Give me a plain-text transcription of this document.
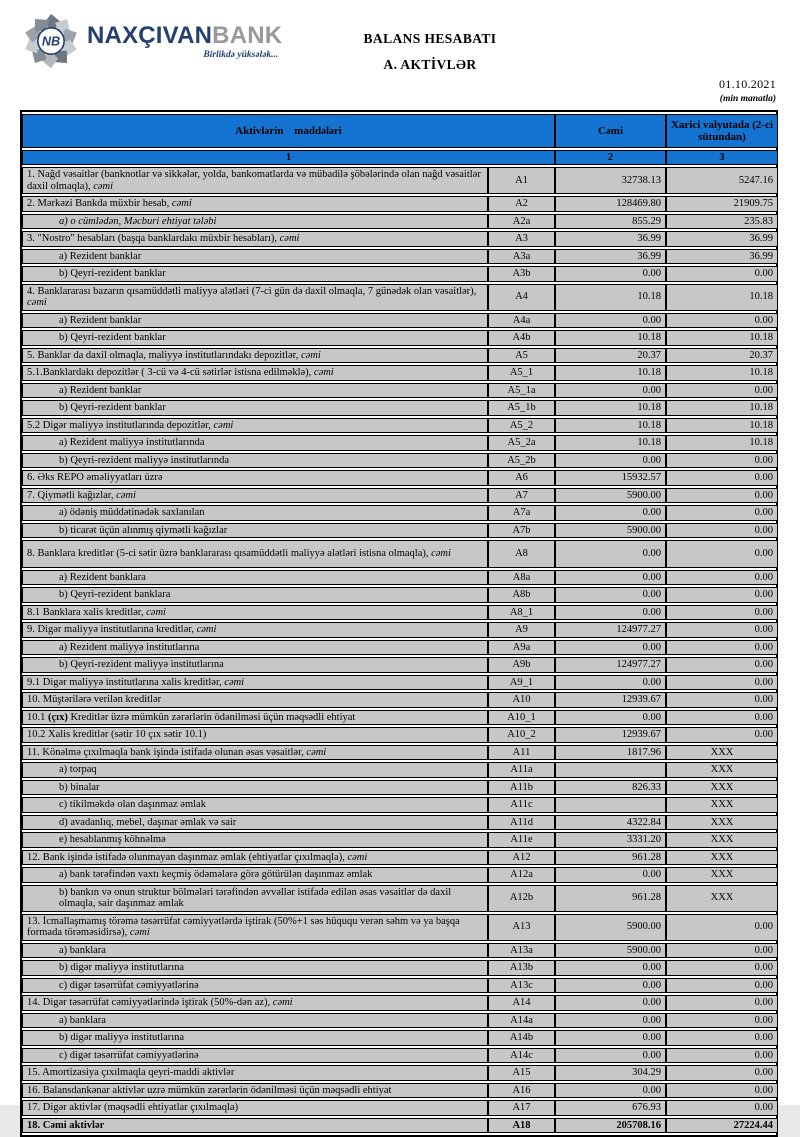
NB NAXÇIVANBANK
Birlikdə yüksələk...
BALANS HESABATI
A. AKTİVLƏR
01.10.2021
(min manatla)
Aktivlərin maddələri		Cəmi	Xarici valyutada (2-ci sütundan)
1		2	3
1. Nağd vəsaitlər (banknotlar və sikkələr, yolda, bankomatlarda və mübadilə şöbələrində olan nağd vəsaitlər daxil olmaqla), cəmi	A1	32738.13	5247.16
2. Mərkəzi Bankda müxbir hesab, cəmi	A2	128469.80	21909.75
a) o cümlədən, Məcburi ehtiyat tələbi	A2a	855.29	235.83
3. "Nostro" hesabları (başqa banklardakı müxbir hesabları), cəmi	A3	36.99	36.99
a) Rezident banklar	A3a	36.99	36.99
b) Qeyri-rezident banklar	A3b	0.00	0.00
4. Banklararası bazarın qısamüddətli maliyyə alətləri (7-ci gün də daxil olmaqla, 7 günədək olan vəsaitlər), cəmi	A4	10.18	10.18
a) Rezident banklar	A4a	0.00	0.00
b) Qeyri-rezident banklar	A4b	10.18	10.18
5. Banklar da daxil olmaqla, maliyyə institutlarındakı depozitlər, cəmi	A5	20.37	20.37
5.1.Banklardakı depozitlər ( 3-cü və 4-cü sətirlər istisna edilməklə), cəmi	A5_1	10.18	10.18
a) Rezident banklar	A5_1a	0.00	0.00
b) Qeyri-rezident banklar	A5_1b	10.18	10.18
5.2 Digər maliyyə institutlarında depozitlər, cəmi	A5_2	10.18	10.18
a) Rezident maliyyə institutlarında	A5_2a	10.18	10.18
b) Qeyri-rezident maliyyə institutlarında	A5_2b	0.00	0.00
6. Əks REPO əməliyyatları üzrə	A6	15932.57	0.00
7. Qiymətli kağızlar, cəmi	A7	5900.00	0.00
a) ödəniş müddətinədək saxlanılan	A7a	0.00	0.00
b) ticarət üçün alınmış qiymətli kağızlar	A7b	5900.00	0.00
8. Banklara kreditlər (5-ci sətir üzrə banklararası qısamüddətli maliyyə alətləri istisna olmaqla), cəmi	A8	0.00	0.00
a) Rezident banklara	A8a	0.00	0.00
b) Qeyri-rezident banklara	A8b	0.00	0.00
8.1 Banklara xalis kreditlər, cəmi	A8_1	0.00	0.00
9. Digər maliyyə institutlarına kreditlər, cəmi	A9	124977.27	0.00
a) Rezident maliyyə institutlarına	A9a	0.00	0.00
b) Qeyri-rezident maliyyə institutlarına	A9b	124977.27	0.00
9.1 Digər maliyyə institutlarına xalis kreditlər, cəmi	A9_1	0.00	0.00
10. Müştərilərə verilən kreditlər	A10	12939.67	0.00
10.1 (çıx) Kreditlər üzrə mümkün zərərlərin ödənilməsi üçün məqsədli ehtiyat	A10_1	0.00	0.00
10.2 Xalis kreditlər (sətir 10 çıx sətir 10.1)	A10_2	12939.67	0.00
11. Könəlmə çıxılmaqla bank işində istifadə olunan əsas vəsaitlər, cəmi	A11	1817.96	XXX
a) torpaq	A11a		XXX
b) binalar	A11b	826.33	XXX
c) tikilməkdə olan daşınmaz əmlak	A11c		XXX
d) avadanlıq, mebel, daşınar əmlak və sair	A11d	4322.84	XXX
e) hesablanmış köhnəlmə	A11e	3331.20	XXX
12. Bank işində istifadə olunmayan daşınmaz əmlak (ehtiyatlar çıxılmaqla), cəmi	A12	961.28	XXX
a) bank tərəfindən vaxtı keçmiş ödəmələrə görə götürülən daşınmaz əmlak	A12a	0.00	XXX
b) bankın və onun struktur bölmələri tərəfindən əvvəllər istifadə edilən əsas vəsaitlər də daxil olmaqla, sair daşınmaz əmlak	A12b	961.28	XXX
13. İcmallaşmamış törəmə təsərrüfat cəmiyyətlərdə iştirak (50%+1 səs hüququ verən səhm və ya başqa formada törəməsidirsə), cəmi	A13	5900.00	0.00
a) banklara	A13a	5900.00	0.00
b) digər maliyyə institutlarına	A13b	0.00	0.00
c) digər təsərrüfat cəmiyyətlərinə	A13c	0.00	0.00
14. Digər təsərrüfat cəmiyyətlərində iştirak (50%-dən az), cəmi	A14	0.00	0.00
a) banklara	A14a	0.00	0.00
b) digər maliyyə institutlarına	A14b	0.00	0.00
c) digər təsərrüfat cəmiyyətlərinə	A14c	0.00	0.00
15. Amortizasiya çıxılmaqla qeyri-maddi aktivlər	A15	304.29	0.00
16. Balansdankənar aktivlər uzrə mümkün zərərlərin ödənilməsi üçün məqsədli ehtiyat	A16	0.00	0.00
17. Digər aktivlər (məqsədli ehtiyatlar çıxılmaqla)	A17	676.93	0.00
18. Cəmi aktivlər	A18	205708.16	27224.44
